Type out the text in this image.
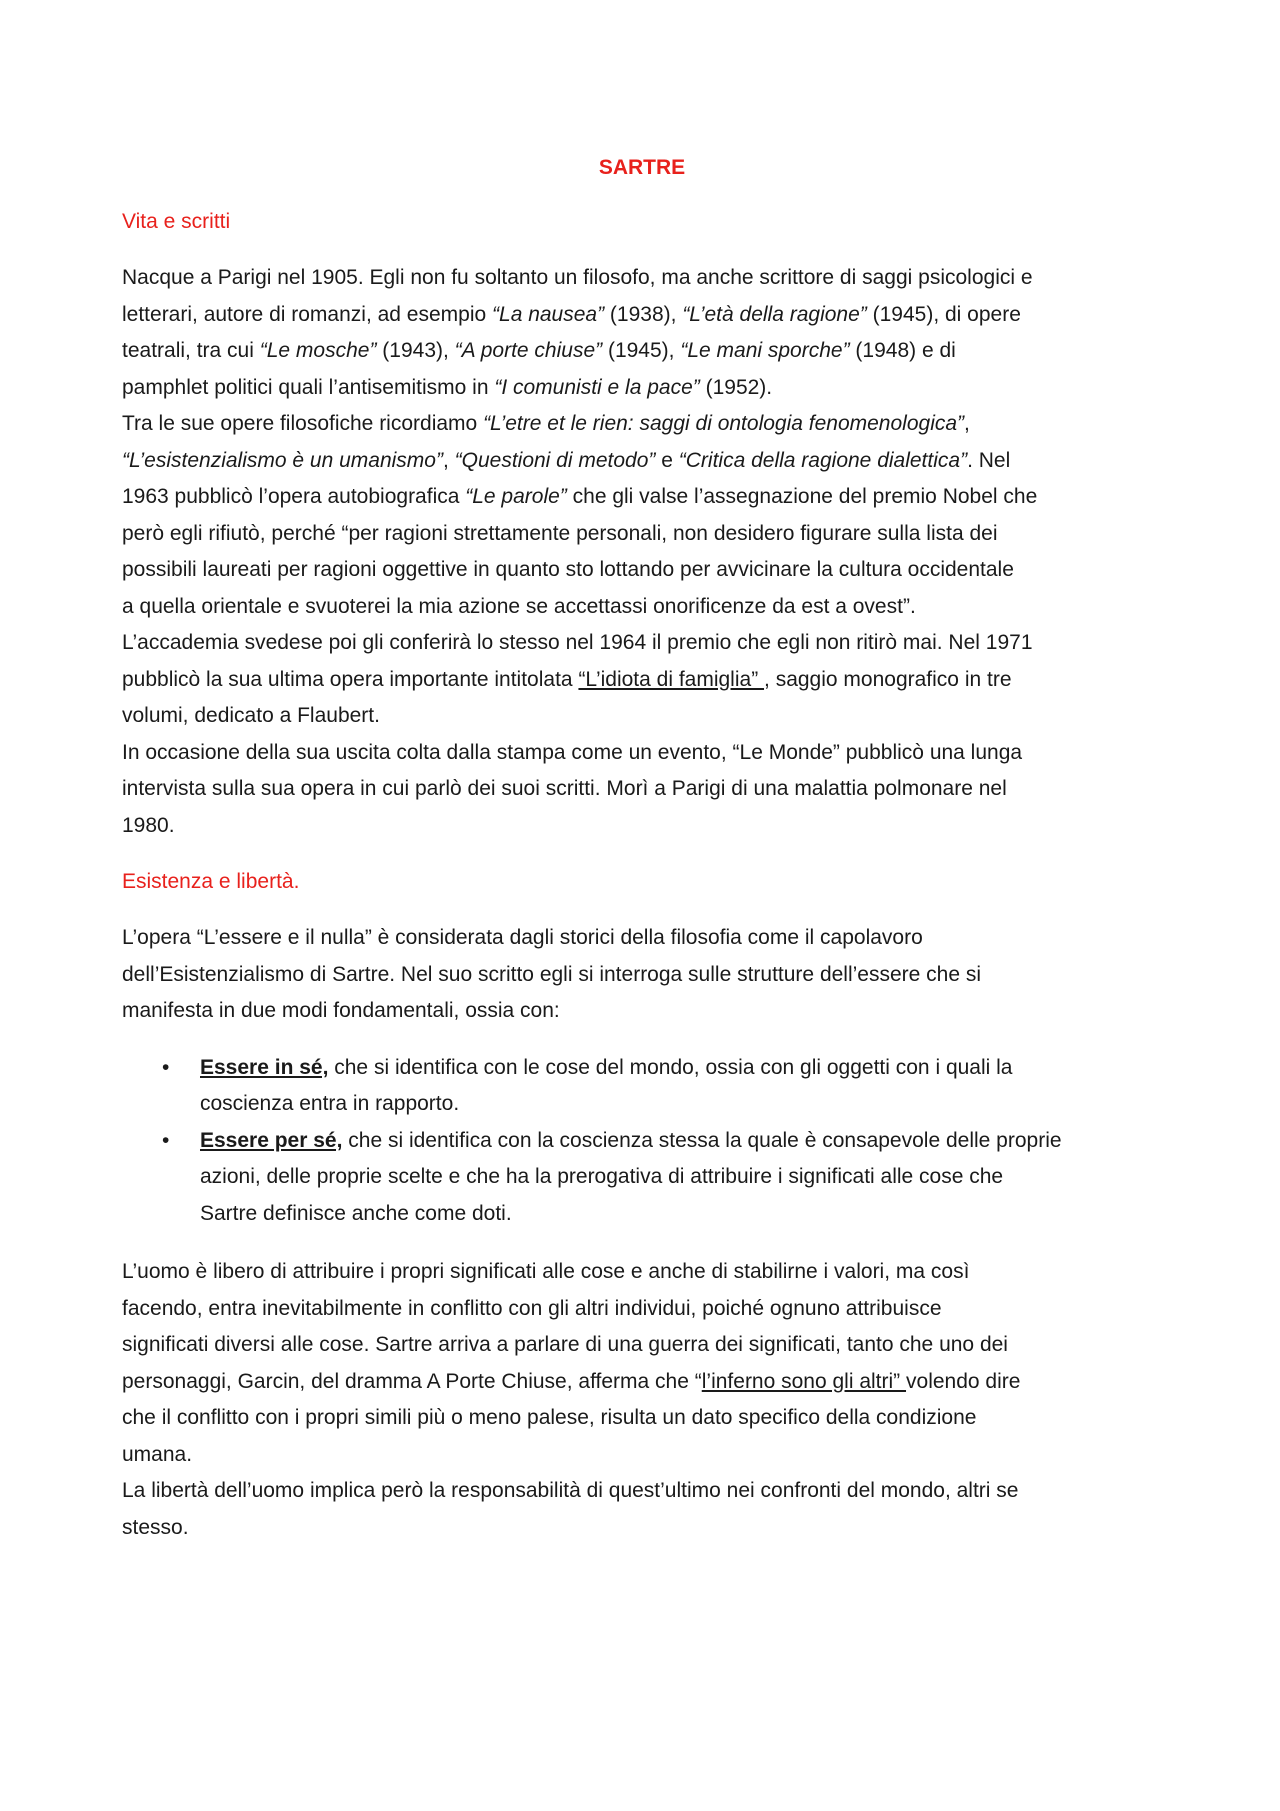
SARTRE
Vita e scritti

Nacque a Parigi nel 1905. Egli non fu soltanto un filosofo, ma anche scrittore di saggi psicologici e
letterari, autore di romanzi, ad esempio “La nausea” (1938), “L’età della ragione” (1945), di opere
teatrali, tra cui “Le mosche” (1943), “A porte chiuse” (1945), “Le mani sporche” (1948) e di
pamphlet politici quali l’antisemitismo in “I comunisti e la pace” (1952).
Tra le sue opere filosofiche ricordiamo “L’etre et le rien: saggi di ontologia fenomenologica”,
“L’esistenzialismo è un umanismo”, “Questioni di metodo” e “Critica della ragione dialettica”. Nel
1963 pubblicò l’opera autobiografica “Le parole” che gli valse l’assegnazione del premio Nobel che
però egli rifiutò, perché “per ragioni strettamente personali, non desidero figurare sulla lista dei
possibili laureati per ragioni oggettive in quanto sto lottando per avvicinare la cultura occidentale
a quella orientale e svuoterei la mia azione se accettassi onorificenze da est a ovest”.
L’accademia svedese poi gli conferirà lo stesso nel 1964 il premio che egli non ritirò mai. Nel 1971
pubblicò la sua ultima opera importante intitolata “L’idiota di famiglia” , saggio monografico in tre
volumi, dedicato a Flaubert.
In occasione della sua uscita colta dalla stampa come un evento, “Le Monde” pubblicò una lunga
intervista sulla sua opera in cui parlò dei suoi scritti. Morì a Parigi di una malattia polmonare nel
1980.

Esistenza e libertà.

L’opera “L’essere e il nulla” è considerata dagli storici della filosofia come il capolavoro
dell’Esistenzialismo di Sartre. Nel suo scritto egli si interroga sulle strutture dell’essere che si
manifesta in due modi fondamentali, ossia con:

• Essere in sé, che si identifica con le cose del mondo, ossia con gli oggetti con i quali la
coscienza entra in rapporto.
• Essere per sé, che si identifica con la coscienza stessa la quale è consapevole delle proprie
azioni, delle proprie scelte e che ha la prerogativa di attribuire i significati alle cose che
Sartre definisce anche come doti.

L’uomo è libero di attribuire i propri significati alle cose e anche di stabilirne i valori, ma così
facendo, entra inevitabilmente in conflitto con gli altri individui, poiché ognuno attribuisce
significati diversi alle cose. Sartre arriva a parlare di una guerra dei significati, tanto che uno dei
personaggi, Garcin, del dramma A Porte Chiuse, afferma che “l’inferno sono gli altri” volendo dire
che il conflitto con i propri simili più o meno palese, risulta un dato specifico della condizione
umana.
La libertà dell’uomo implica però la responsabilità di quest’ultimo nei confronti del mondo, altri se
stesso.
